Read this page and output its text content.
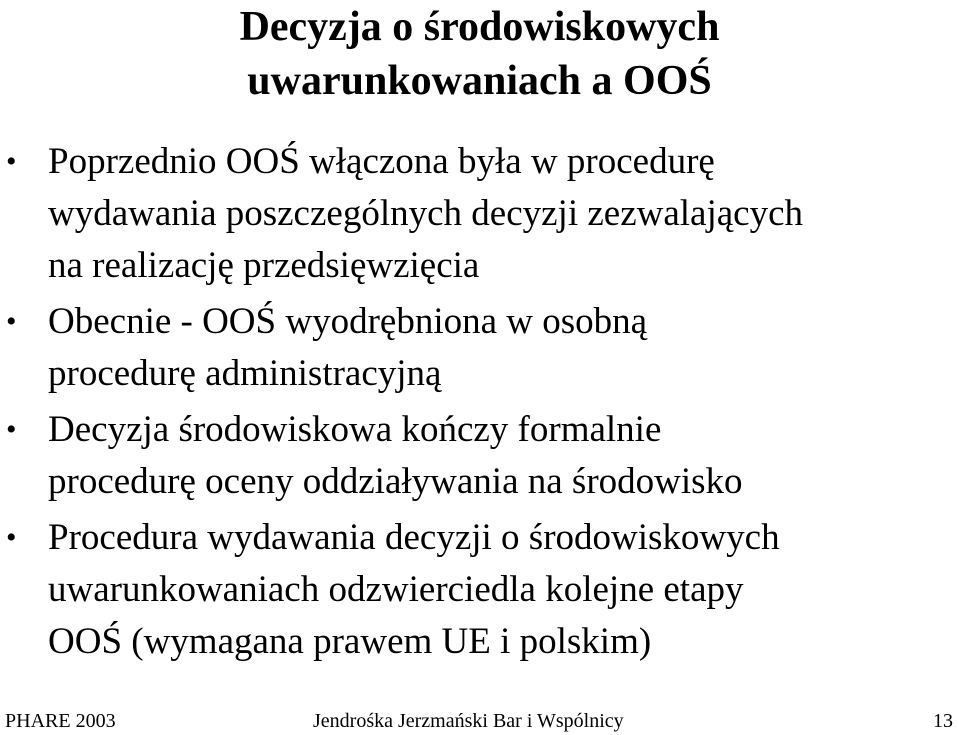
Decyzja o środowiskowych
uwarunkowaniach a OOŚ
• Poprzednio OOŚ włączona była w procedurę
wydawania poszczególnych decyzji zezwalających
na realizację przedsięwzięcia
• Obecnie - OOŚ wyodrębniona w osobną
procedurę administracyjną
• Decyzja środowiskowa kończy formalnie
procedurę oceny oddziaływania na środowisko
• Procedura wydawania decyzji o środowiskowych
uwarunkowaniach odzwierciedla kolejne etapy
OOŚ (wymagana prawem UE i polskim)
PHARE 2003	Jendrośka Jerzmański Bar i Wspólnicy	13
